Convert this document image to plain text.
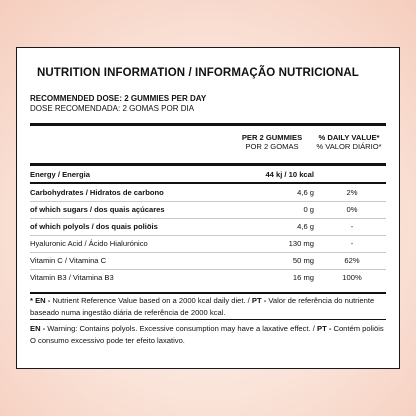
NUTRITION INFORMATION / INFORMAÇÃO NUTRICIONAL
RECOMMENDED DOSE: 2 GUMMIES PER DAY
DOSE RECOMENDADA: 2 GOMAS POR DIA
PER 2 GUMMIES
POR 2 GOMAS
% DAILY VALUE*
% VALOR DIÁRIO*
Energy / Energia	44 kj / 10 kcal
Carbohydrates / Hidratos de carbono	4,6 g	2%
of which sugars / dos quais açúcares	0 g	0%
of which polyols / dos quais poliöis	4,6 g	-
Hyaluronic Acid / Ácido Hialurónico	130 mg	-
Vitamin C / Vitamina C	50 mg	62%
Vitamin B3 / Vitamina B3	16 mg	100%
* EN - Nutrient Reference Value based on a 2000 kcal daily diet. / PT - Valor de referência do nutriente baseado numa ingestão diária de referência de 2000 kcal.
EN - Warning: Contains polyols. Excessive consumption may have a laxative effect. / PT - Contém poliöis O consumo excessivo pode ter efeito laxativo.
